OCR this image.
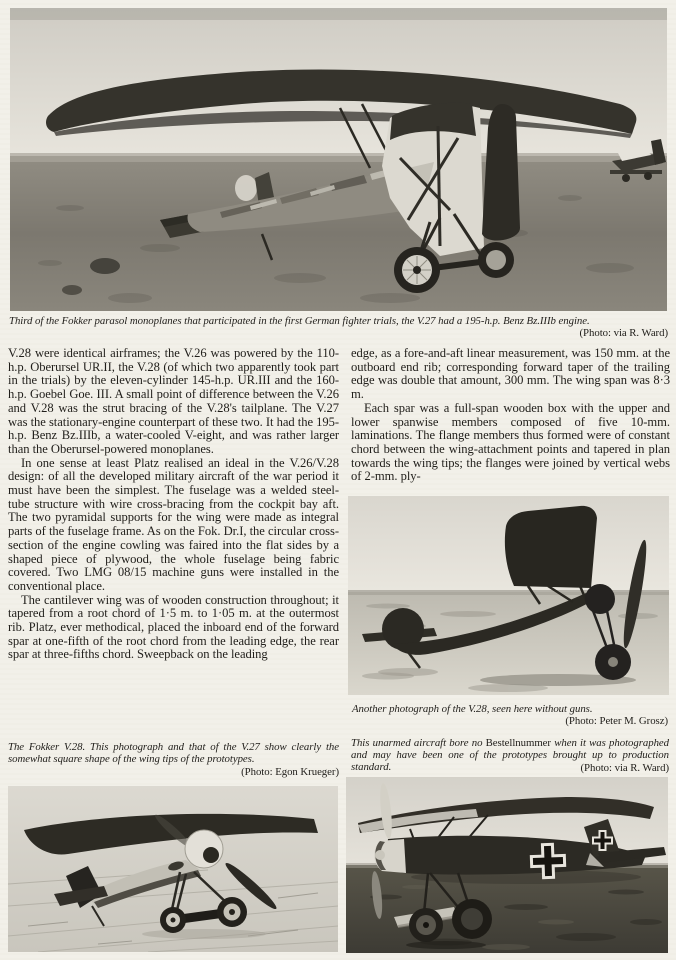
Third of the Fokker parasol monoplanes that participated in the first German fighter trials, the V.27 had a 195-h.p. Benz Bz.IIIb engine.
(Photo: via R. Ward)

V.28 were identical airframes; the V.26 was powered by the 110-h.p. Oberursel UR.II, the V.28 (of which two apparently took part in the trials) by the eleven-cylinder 145-h.p. UR.III and the 160-h.p. Goebel Goe. III. A small point of difference between the V.26 and V.28 was the strut bracing of the V.28's tailplane. The V.27 was the stationary-engine counterpart of these two. It had the 195-h.p. Benz Bz.IIIb, a water-cooled V-eight, and was rather larger than the Oberursel-powered monoplanes.

In one sense at least Platz realised an ideal in the V.26/V.28 design: of all the developed military aircraft of the war period it must have been the simplest. The fuselage was a welded steel-tube structure with wire cross-bracing from the cockpit bay aft. The two pyramidal supports for the wing were made as integral parts of the fuselage frame. As on the Fok. Dr.I, the circular cross-section of the engine cowling was faired into the flat sides by a shaped piece of plywood, the whole fuselage being fabric covered. Two LMG 08/15 machine guns were installed in the conventional place.

The cantilever wing was of wooden construction throughout; it tapered from a root chord of 1·5 m. to 1·05 m. at the outermost rib. Platz, ever methodical, placed the inboard end of the forward spar at one-fifth of the root chord from the leading edge, the rear spar at three-fifths chord. Sweepback on the leading

edge, as a fore-and-aft linear measurement, was 150 mm. at the outboard end rib; corresponding forward taper of the trailing edge was double that amount, 300 mm. The wing span was 8·3 m.

Each spar was a full-span wooden box with the upper and lower spanwise members composed of five 10-mm. laminations. The flange members thus formed were of constant chord between the wing-attachment points and tapered in plan towards the wing tips; the flanges were joined by vertical webs of 2-mm. ply-

Another photograph of the V.28, seen here without guns.
(Photo: Peter M. Grosz)
The Fokker V.28. This photograph and that of the V.27 show clearly the somewhat square shape of the wing tips of the prototypes.
(Photo: Egon Krueger)
This unarmed aircraft bore no Bestellnummer when it was photographed and may have been one of the prototypes brought up to production standard.	(Photo: via R. Ward)
